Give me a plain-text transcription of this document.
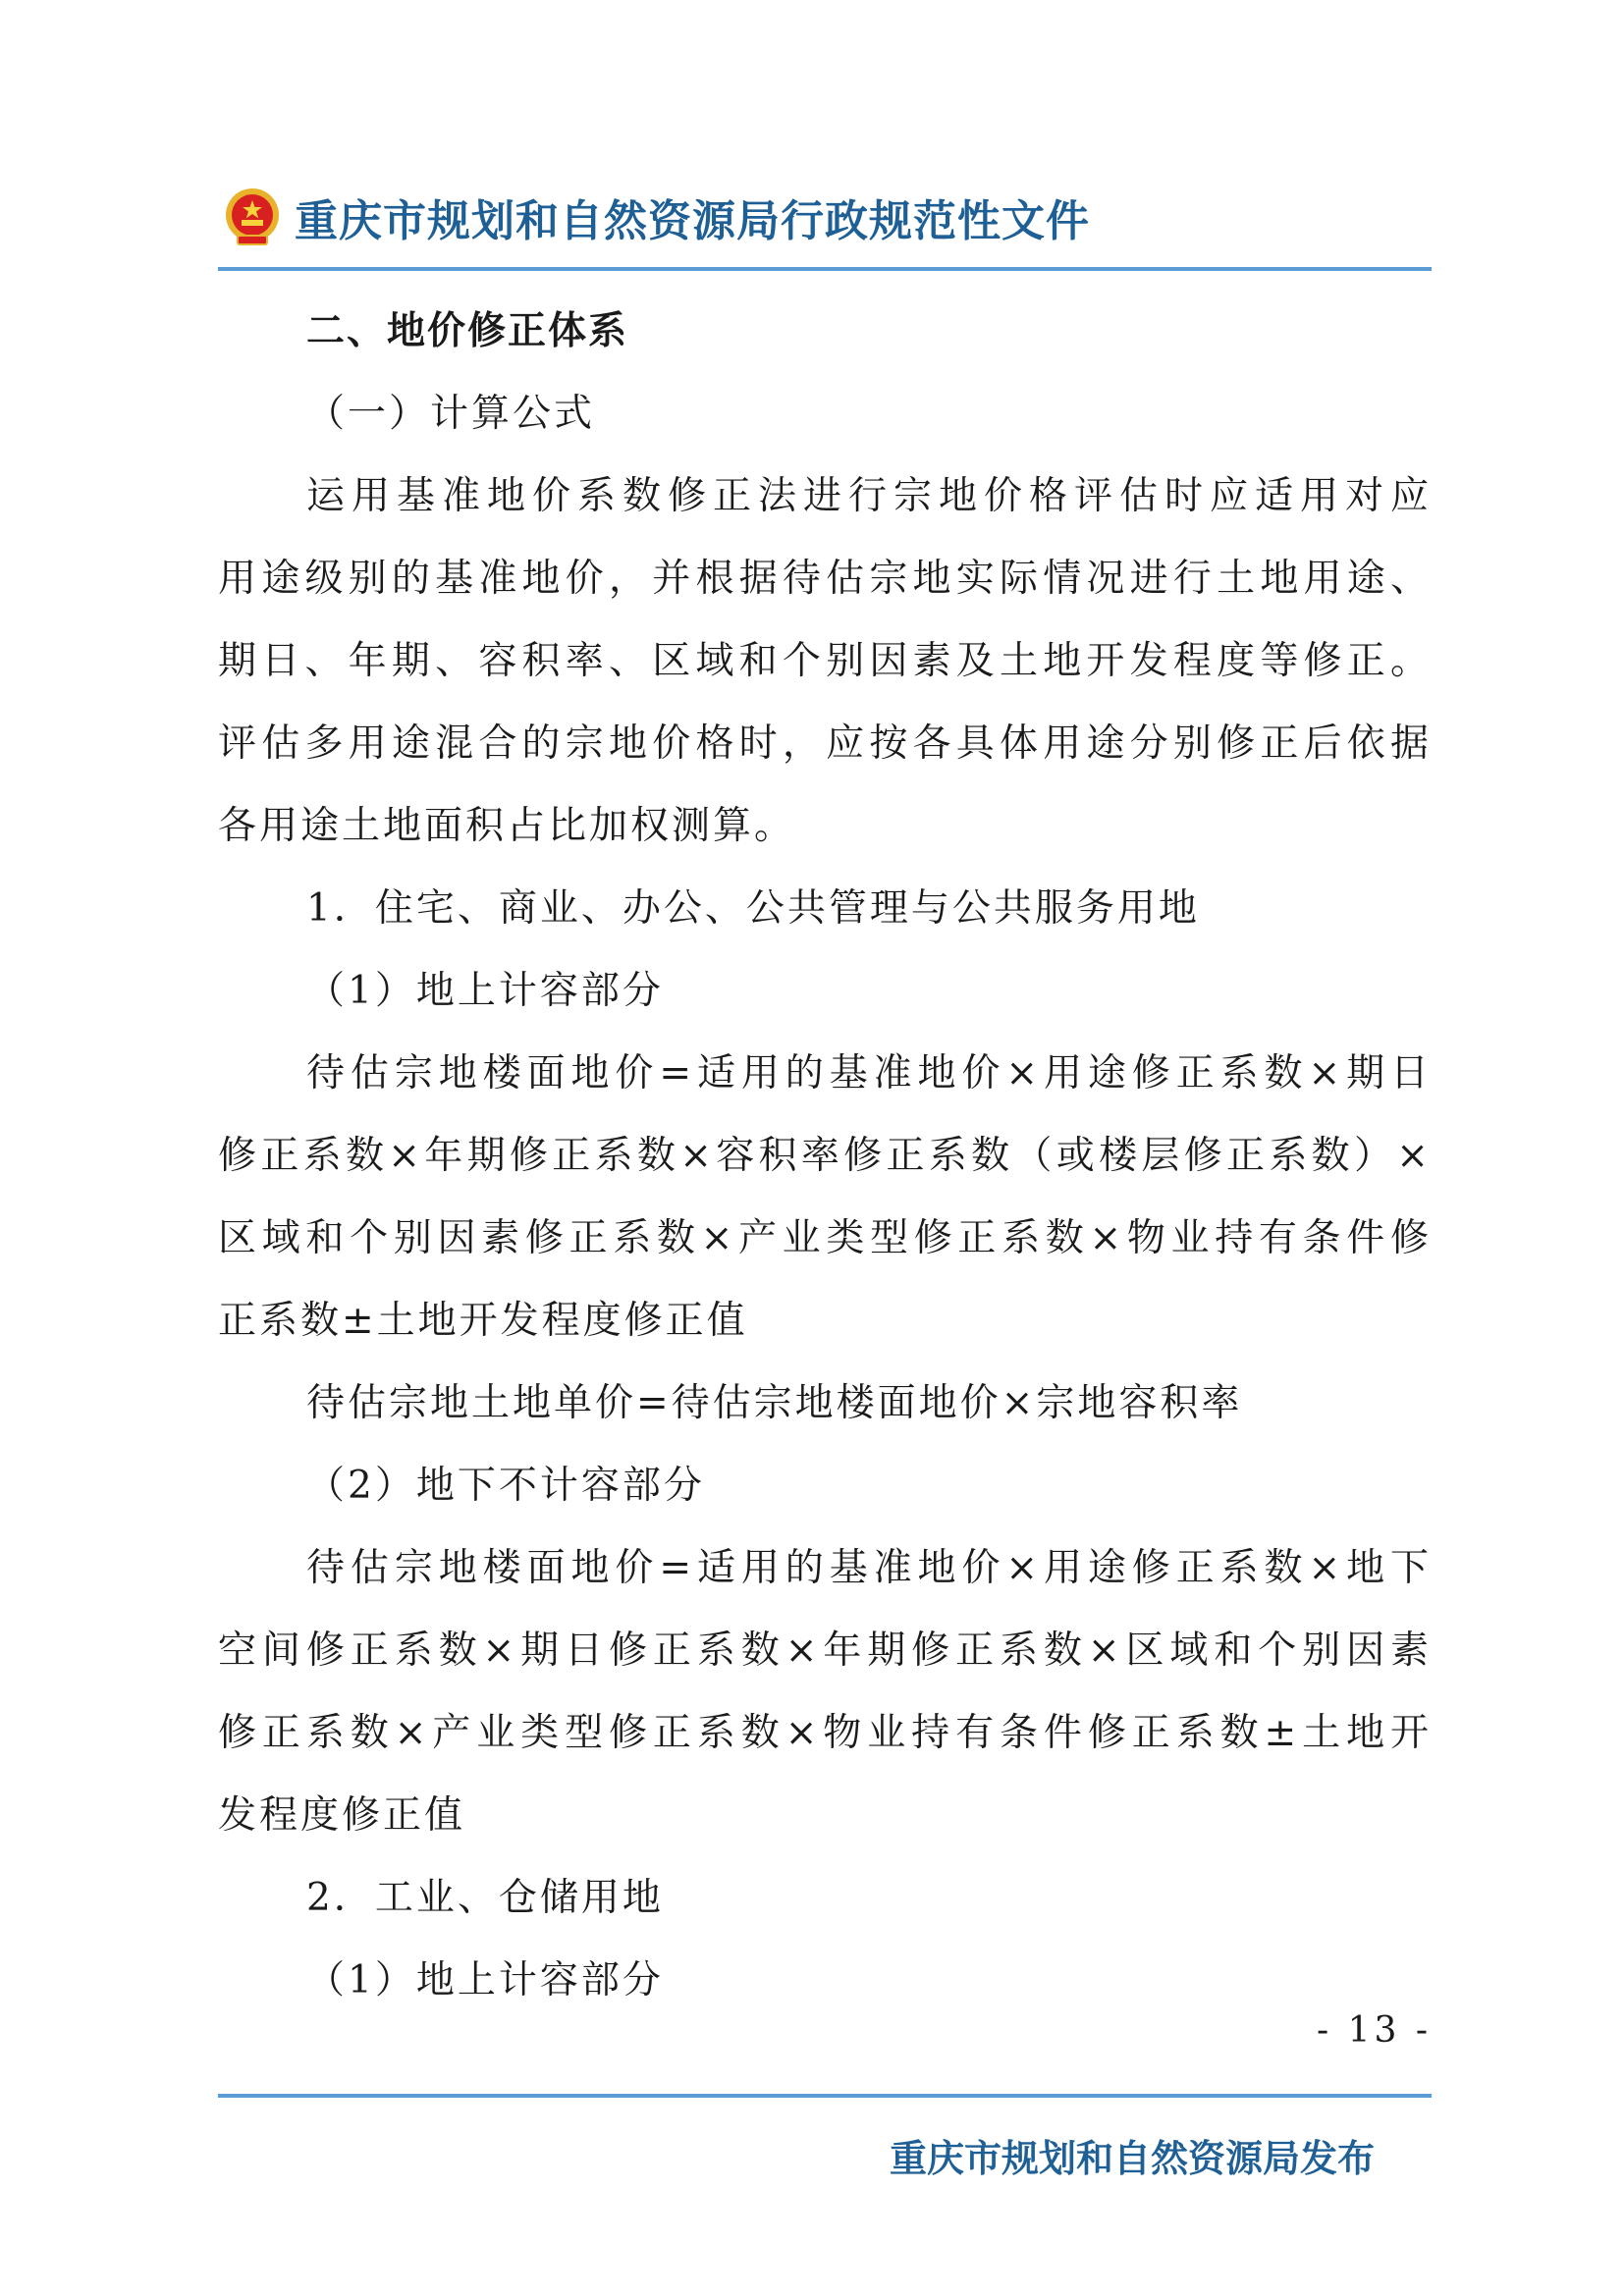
重庆市规划和自然资源局行政规范性文件
二、地价修正体系
（一）计算公式
运用基准地价系数修正法进行宗地价格评估时应适用对应
用途级别的基准地价，并根据待估宗地实际情况进行土地用途、
期日、年期、容积率、区域和个别因素及土地开发程度等修正。
评估多用途混合的宗地价格时，应按各具体用途分别修正后依据
各用途土地面积占比加权测算。
1．住宅、商业、办公、公共管理与公共服务用地
（1）地上计容部分
待估宗地楼面地价=适用的基准地价×用途修正系数×期日
修正系数×年期修正系数×容积率修正系数（或楼层修正系数）×
区域和个别因素修正系数×产业类型修正系数×物业持有条件修
正系数±土地开发程度修正值
待估宗地土地单价=待估宗地楼面地价×宗地容积率
（2）地下不计容部分
待估宗地楼面地价=适用的基准地价×用途修正系数×地下
空间修正系数×期日修正系数×年期修正系数×区域和个别因素
修正系数×产业类型修正系数×物业持有条件修正系数±土地开
发程度修正值
2．工业、仓储用地
（1）地上计容部分
- 13 -
重庆市规划和自然资源局发布
